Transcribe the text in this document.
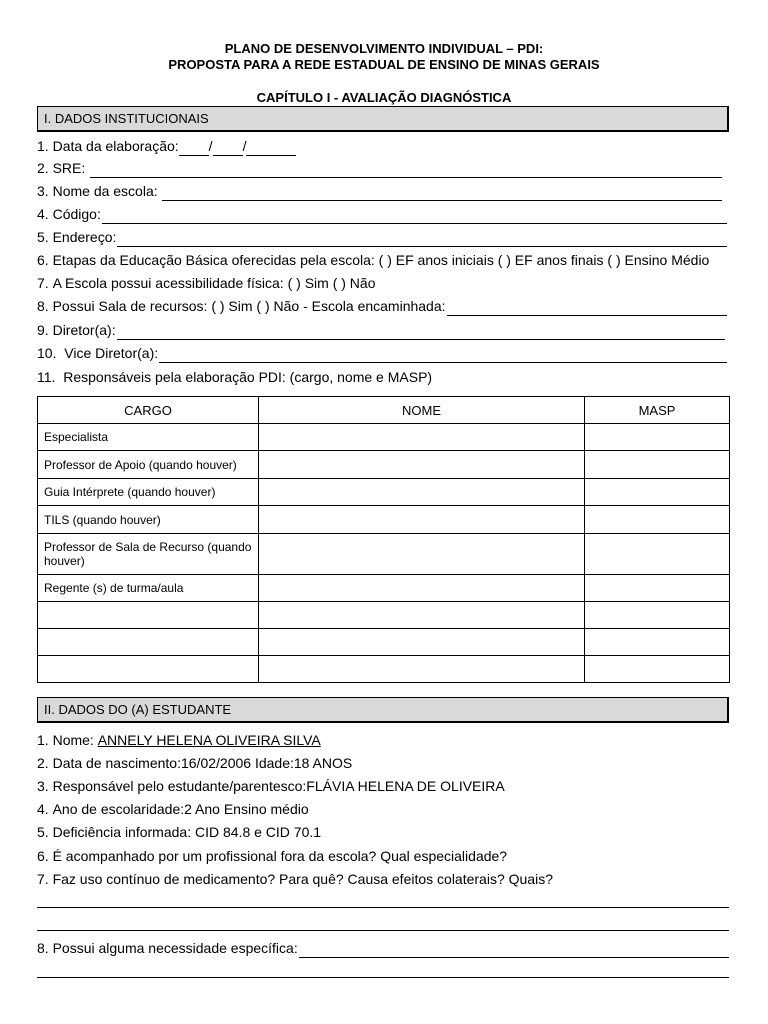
PLANO DE DESENVOLVIMENTO INDIVIDUAL – PDI:
PROPOSTA PARA A REDE ESTADUAL DE ENSINO DE MINAS GERAIS
CAPÍTULO I - AVALIAÇÃO DIAGNÓSTICA
I. DADOS INSTITUCIONAIS
1.
Data da elaboração: / /
2.
SRE:
3.
Nome da escola:
4.
Código:
5.
Endereço:
6.
Etapas da Educação Básica oferecidas pela escola: ( ) EF anos iniciais ( ) EF anos finais ( ) Ensino Médio
7.
A Escola possui acessibilidade física: ( ) Sim ( ) Não
8.
Possui Sala de recursos: ( ) Sim ( ) Não - Escola encaminhada:
9.
Diretor(a):
10.
Vice Diretor(a):
11.
Responsáveis pela elaboração PDI: (cargo, nome e MASP)
CARGO	NOME	MASP
Especialista		
Professor de Apoio (quando houver)		
Guia Intérprete (quando houver)		
TILS (quando houver)		
Professor de Sala de Recurso (quando houver)		
Regente (s) de turma/aula		

II. DADOS DO (A) ESTUDANTE
1.
Nome:
ANNELY HELENA OLIVEIRA SILVA
2.
Data de nascimento:16/02/2006 Idade:18 ANOS
3.
Responsável pelo estudante/parentesco:FLÁVIA HELENA DE OLIVEIRA
4.
Ano de escolaridade:2 Ano Ensino médio
5.
Deficiência informada: CID 84.8 e CID 70.1
6.
É acompanhado por um profissional fora da escola? Qual especialidade?
7.
Faz uso contínuo de medicamento? Para quê? Causa efeitos colaterais? Quais?
8.
Possui alguma necessidade específica:
